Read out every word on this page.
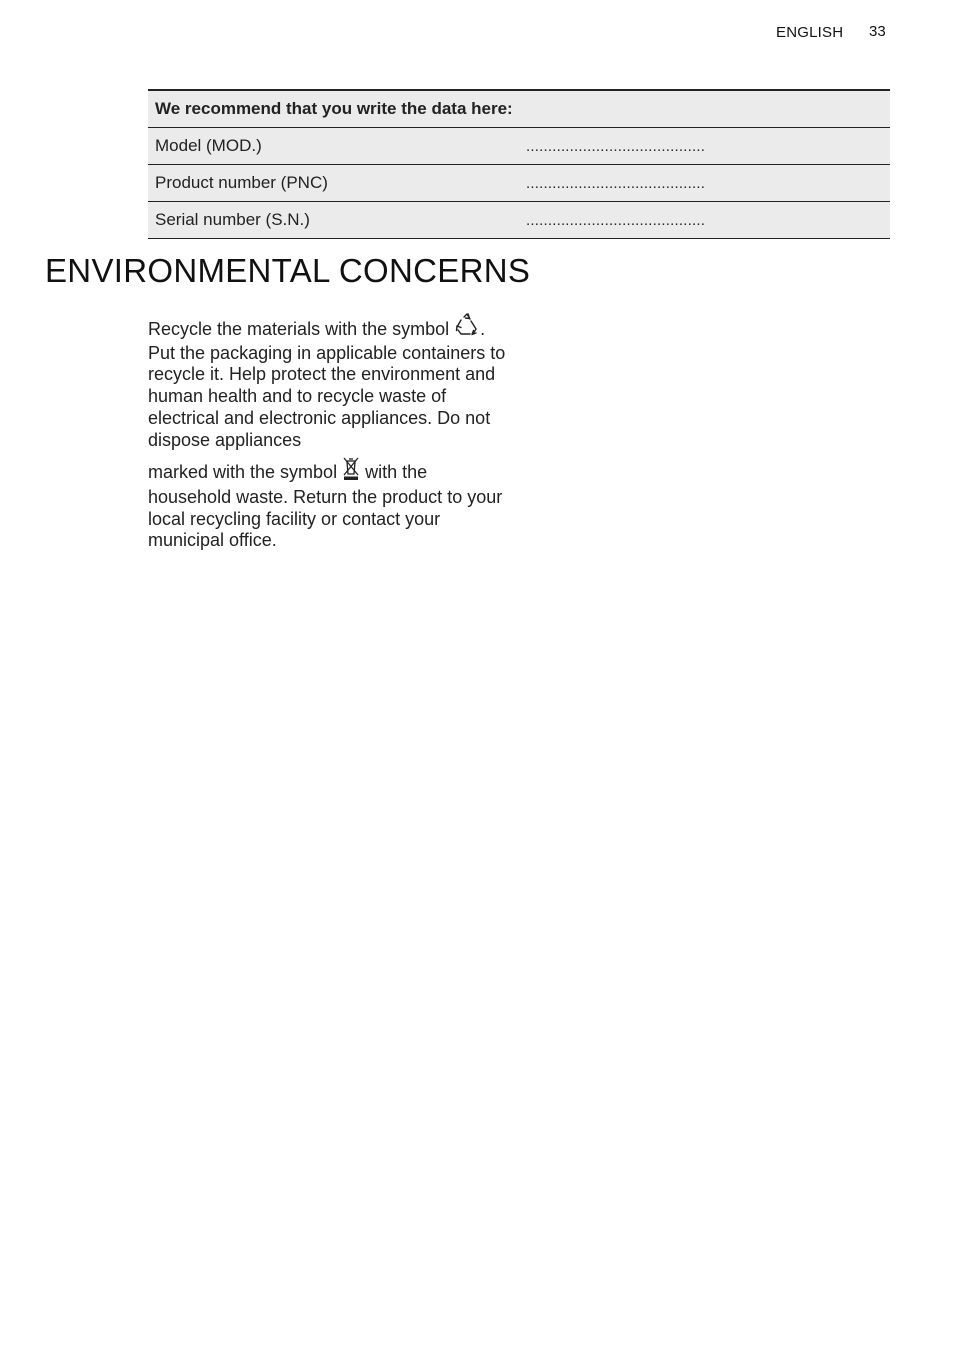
ENGLISH 33
We recommend that you write the data here:	
Model (MOD.)	.........................................
Product number (PNC)	.........................................
Serial number (S.N.)	.........................................
ENVIRONMENTAL CONCERNS

Recycle the materials with the symbol . Put the packaging in applicable containers to recycle it. Help protect the environment and human health and to recycle waste of electrical and electronic appliances. Do not dispose appliances

marked with the symbol with the household waste. Return the product to your local recycling facility or contact your municipal office.
